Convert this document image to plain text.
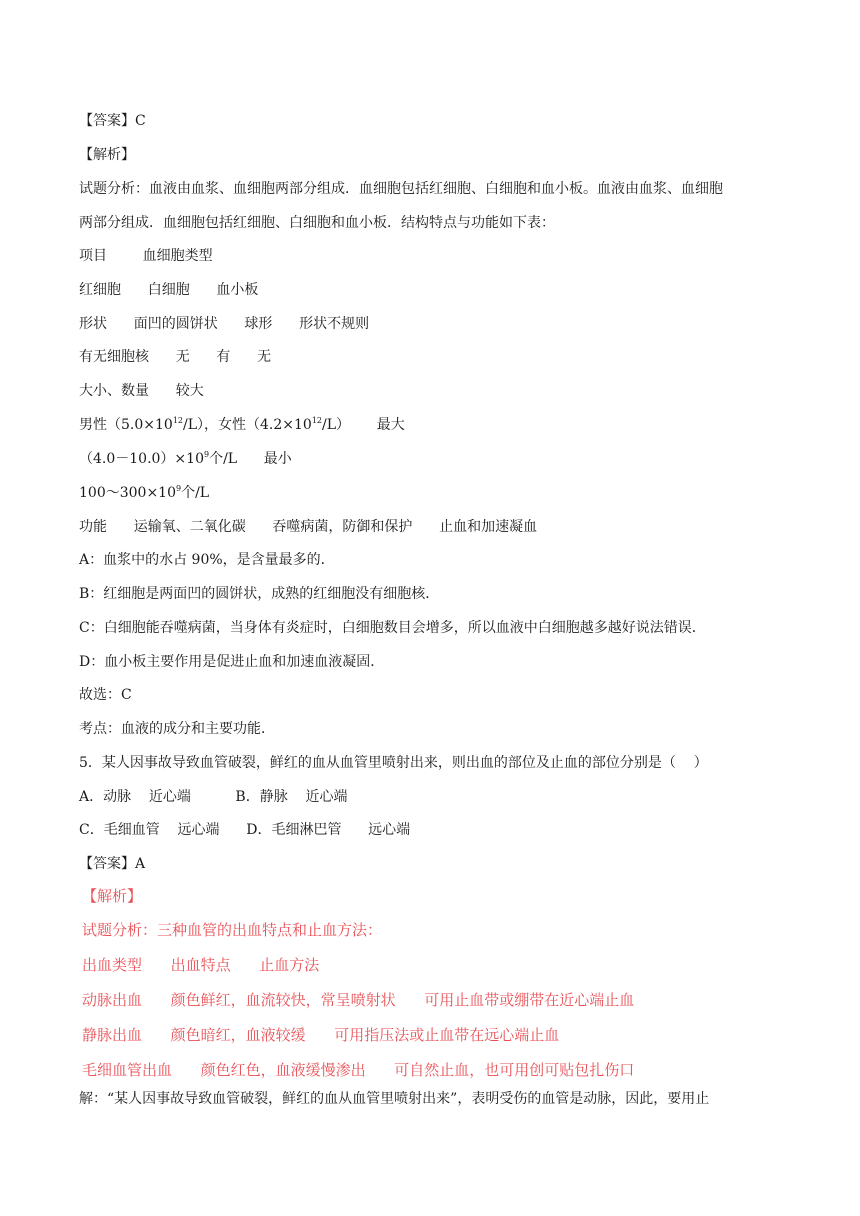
【答案】C
【解析】
试题分析：血液由血浆、血细胞两部分组成．血细胞包括红细胞、白细胞和血小板。血液由血浆、血细胞
两部分组成．血细胞包括红细胞、白细胞和血小板．结构特点与功能如下表：
项目        血细胞类型
红细胞      白细胞      血小板
形状      面凹的圆饼状      球形      形状不规则
有无细胞核      无      有      无
大小、数量      较大
男性$(5.0\times 10^{12}/L)$，女性$(4.2\times 10^{12}/L)$      最大
$(4.0-10.0)\times 10^9$个/L      最小
$100\sim 300\times 10^9$个/L
功能      运输氧、二氧化碳      吞噬病菌，防御和保护      止血和加速凝血
A：血浆中的水占 90%，是含量最多的．
B：红细胞是两面凹的圆饼状，成熟的红细胞没有细胞核．
C：白细胞能吞噬病菌，当身体有炎症时，白细胞数目会增多，所以血液中白细胞越多越好说法错误．
D：血小板主要作用是促进止血和加速血液凝固．
故选：C
考点：血液的成分和主要功能．
5．某人因事故导致血管破裂，鲜红的血从血管里喷射出来，则出血的部位及止血的部位分别是（    ）
A．动脉    近心端          B．静脉    近心端
C．毛细血管    远心端      D．毛细淋巴管      远心端
【答案】A
【解析】
试题分析：三种血管的出血特点和止血方法：
出血类型      出血特点      止血方法
动脉出血      颜色鲜红，血流较快，常呈喷射状      可用止血带或绷带在近心端止血
静脉出血      颜色暗红，血液较缓      可用指压法或止血带在远心端止血
毛细血管出血      颜色红色，血液缓慢渗出      可自然止血，也可用创可贴包扎伤口
解：“某人因事故导致血管破裂，鲜红的血从血管里喷射出来”，表明受伤的血管是动脉，因此，要用止
